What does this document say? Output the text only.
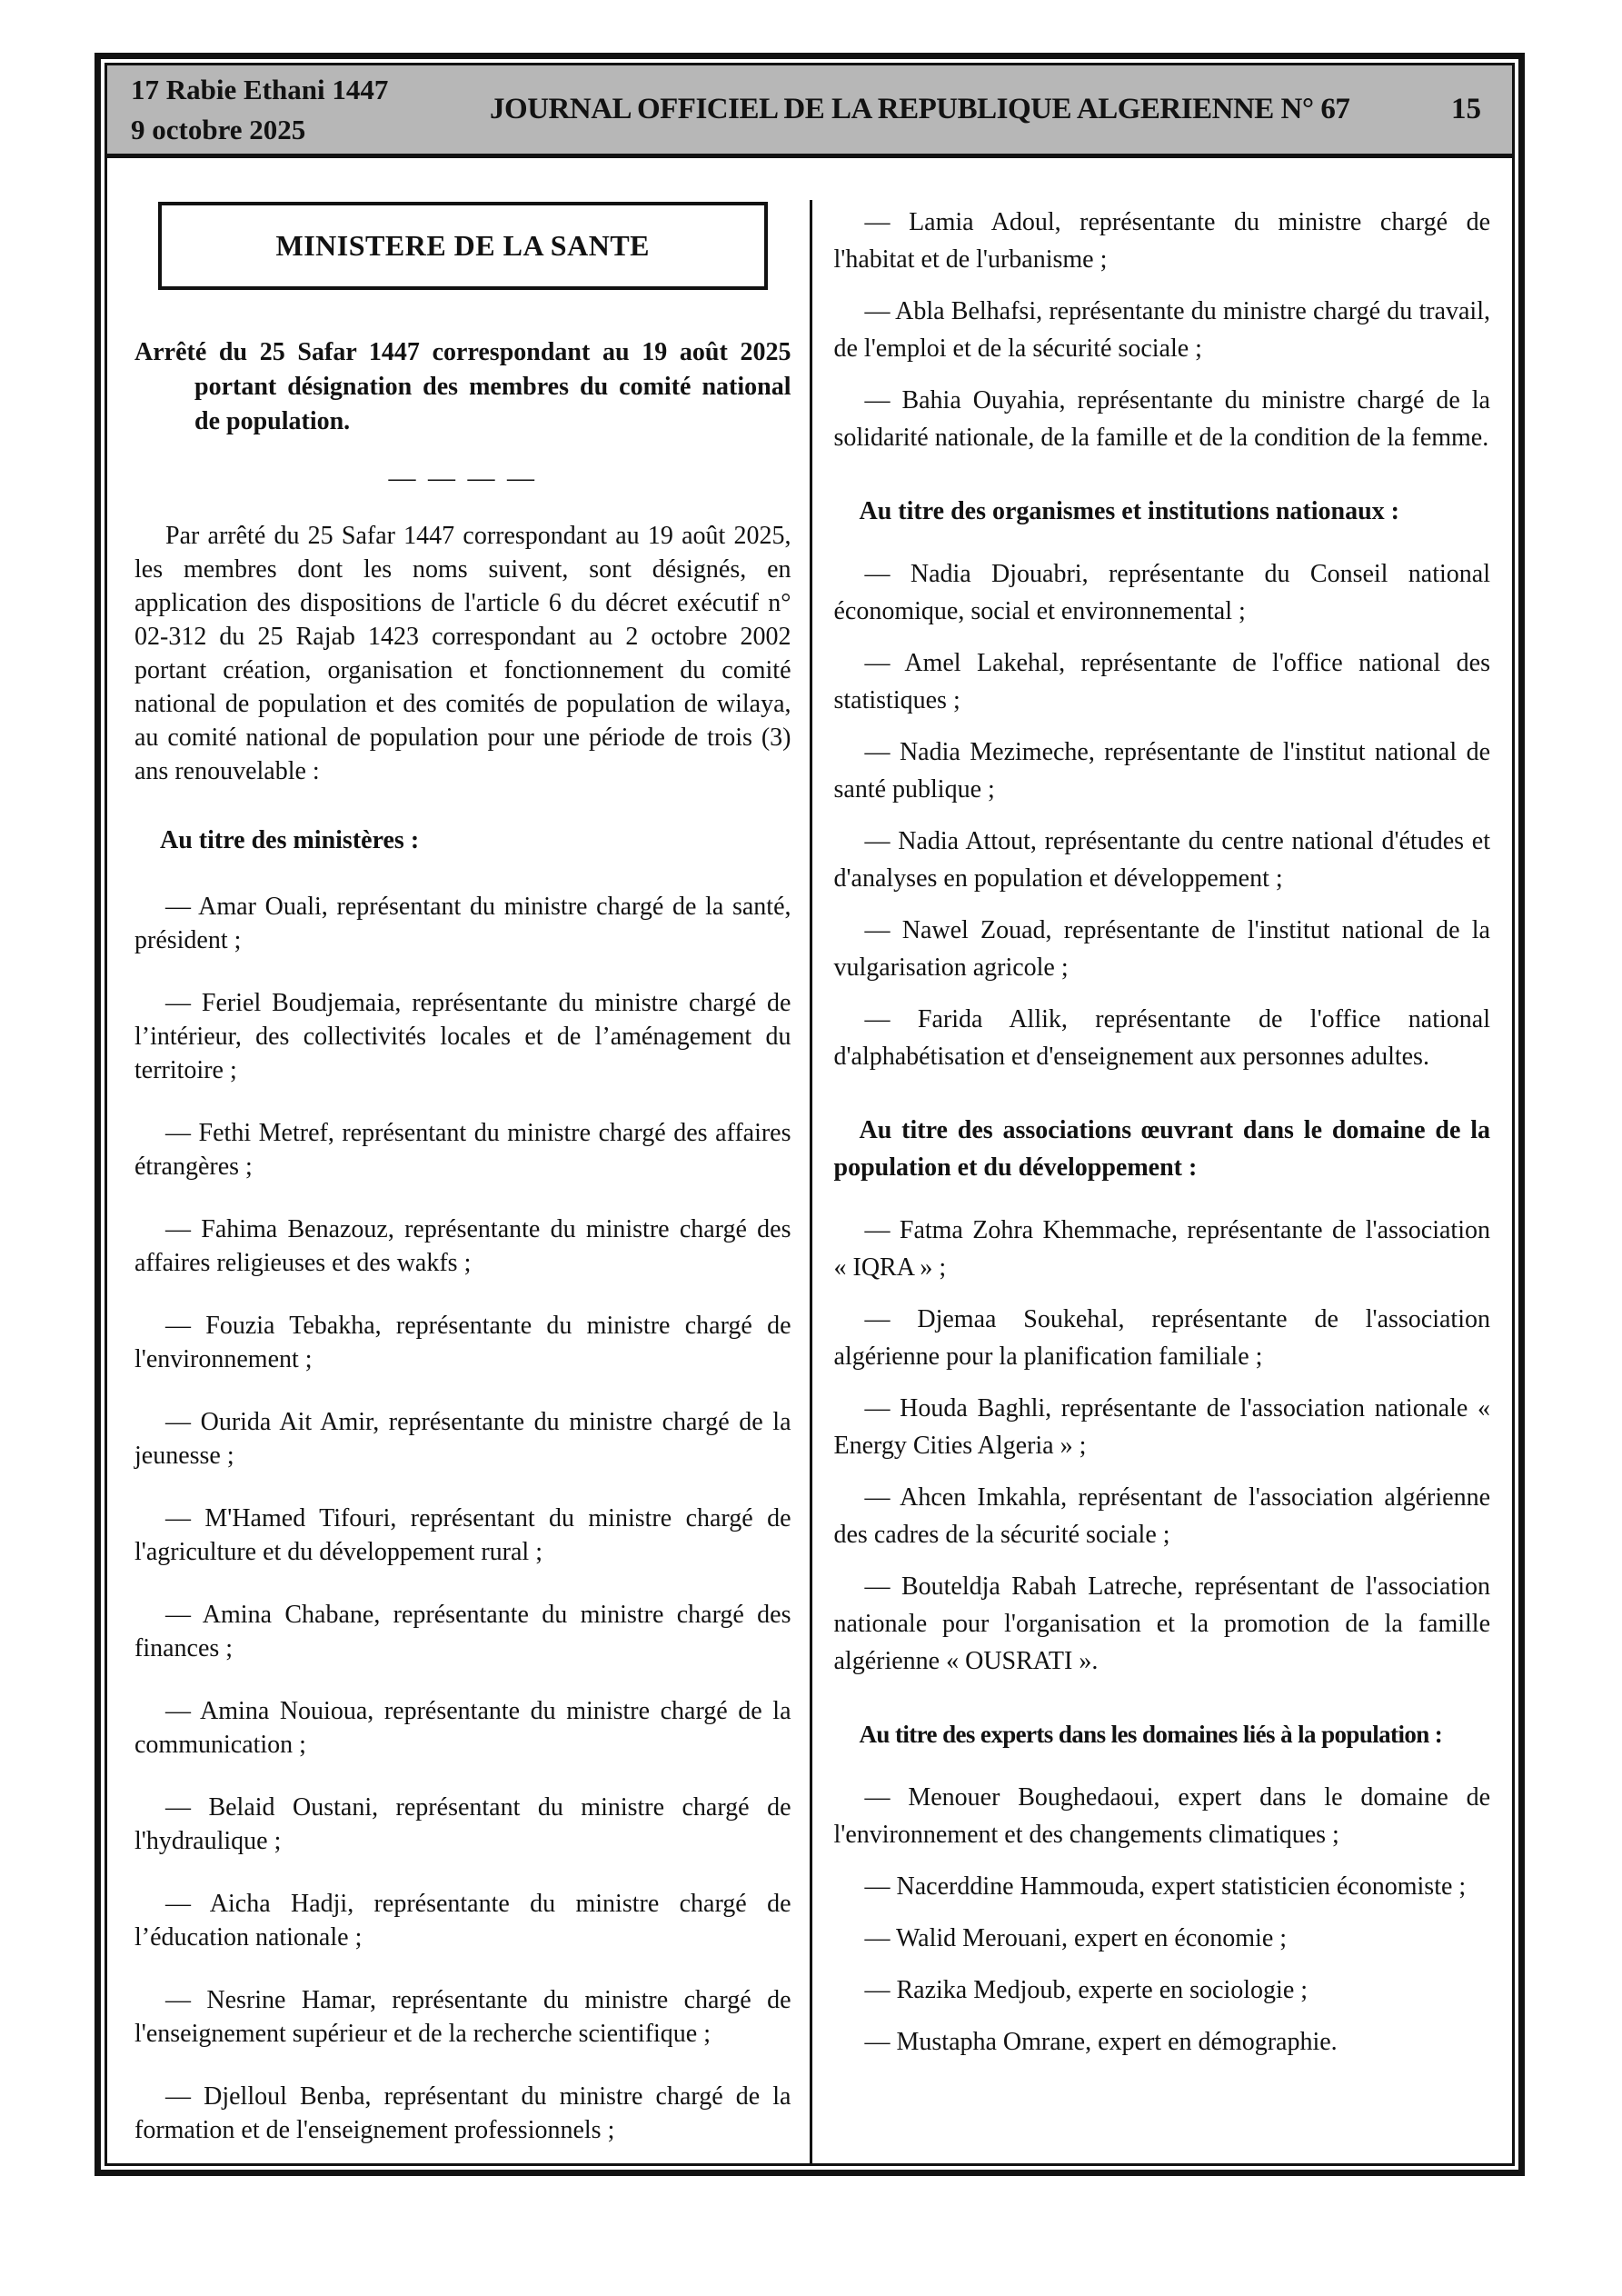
17 Rabie Ethani 1447
9 octobre 2025
JOURNAL OFFICIEL DE LA REPUBLIQUE ALGERIENNE N° 67	15
MINISTERE DE LA SANTE

Arrêté du 25 Safar 1447 correspondant au 19 août 2025 portant désignation des membres du comité national de population.

— — — —

Par arrêté du 25 Safar 1447 correspondant au 19 août 2025, les membres dont les noms suivent, sont désignés, en application des dispositions de l'article 6 du décret exécutif n° 02-312 du 25 Rajab 1423 correspondant au 2 octobre 2002 portant création, organisation et fonctionnement du comité national de population et des comités de population de wilaya, au comité national de population pour une période de trois (3) ans renouvelable :

Au titre des ministères :

— Amar Ouali, représentant du ministre chargé de la santé, président ;

— Feriel Boudjemaia, représentante du ministre chargé de l’intérieur, des collectivités locales et de l’aménagement du territoire ;

— Fethi Metref, représentant du ministre chargé des affaires étrangères ;

— Fahima Benazouz, représentante du ministre chargé des affaires religieuses et des wakfs ;

— Fouzia Tebakha, représentante du ministre chargé de l'environnement ;

— Ourida Ait Amir, représentante du ministre chargé de la jeunesse ;

— M'Hamed Tifouri, représentant du ministre chargé de l'agriculture et du développement rural ;

— Amina Chabane, représentante du ministre chargé des finances ;

— Amina Nouioua, représentante du ministre chargé de la communication ;

— Belaid Oustani, représentant du ministre chargé de l'hydraulique ;

— Aicha Hadji, représentante du ministre chargé de l’éducation nationale ;

— Nesrine Hamar, représentante du ministre chargé de l'enseignement supérieur et de la recherche scientifique ;

— Djelloul Benba, représentant du ministre chargé de la formation et de l'enseignement professionnels ;

— Lamia Adoul, représentante du ministre chargé de l'habitat et de l'urbanisme ;

— Abla Belhafsi, représentante du ministre chargé du travail, de l'emploi et de la sécurité sociale ;

— Bahia Ouyahia, représentante du ministre chargé de la solidarité nationale, de la famille et de la condition de la femme.

Au titre des organismes et institutions nationaux :

— Nadia Djouabri, représentante du Conseil national économique, social et environnemental ;

— Amel Lakehal, représentante de l'office national des statistiques ;

— Nadia Mezimeche, représentante de l'institut national de santé publique ;

— Nadia Attout, représentante du centre national d'études et d'analyses en population et développement ;

— Nawel Zouad, représentante de l'institut national de la vulgarisation agricole ;

— Farida Allik, représentante de l'office national d'alphabétisation et d'enseignement aux personnes adultes.

Au titre des associations œuvrant dans le domaine de la population et du développement :

— Fatma Zohra Khemmache, représentante de l'association « IQRA » ;

— Djemaa Soukehal, représentante de l'association algérienne pour la planification familiale ;

— Houda Baghli, représentante de l'association nationale « Energy Cities Algeria » ;

— Ahcen Imkahla, représentant de l'association algérienne des cadres de la sécurité sociale ;

— Bouteldja Rabah Latreche, représentant de l'association nationale pour l'organisation et la promotion de la famille algérienne « OUSRATI ».

Au titre des experts dans les domaines liés à la population :

— Menouer Boughedaoui, expert dans le domaine de l'environnement et des changements climatiques ;

— Nacerddine Hammouda, expert statisticien économiste ;

— Walid Merouani, expert en économie ;

— Razika Medjoub, experte en sociologie ;

— Mustapha Omrane, expert en démographie.
